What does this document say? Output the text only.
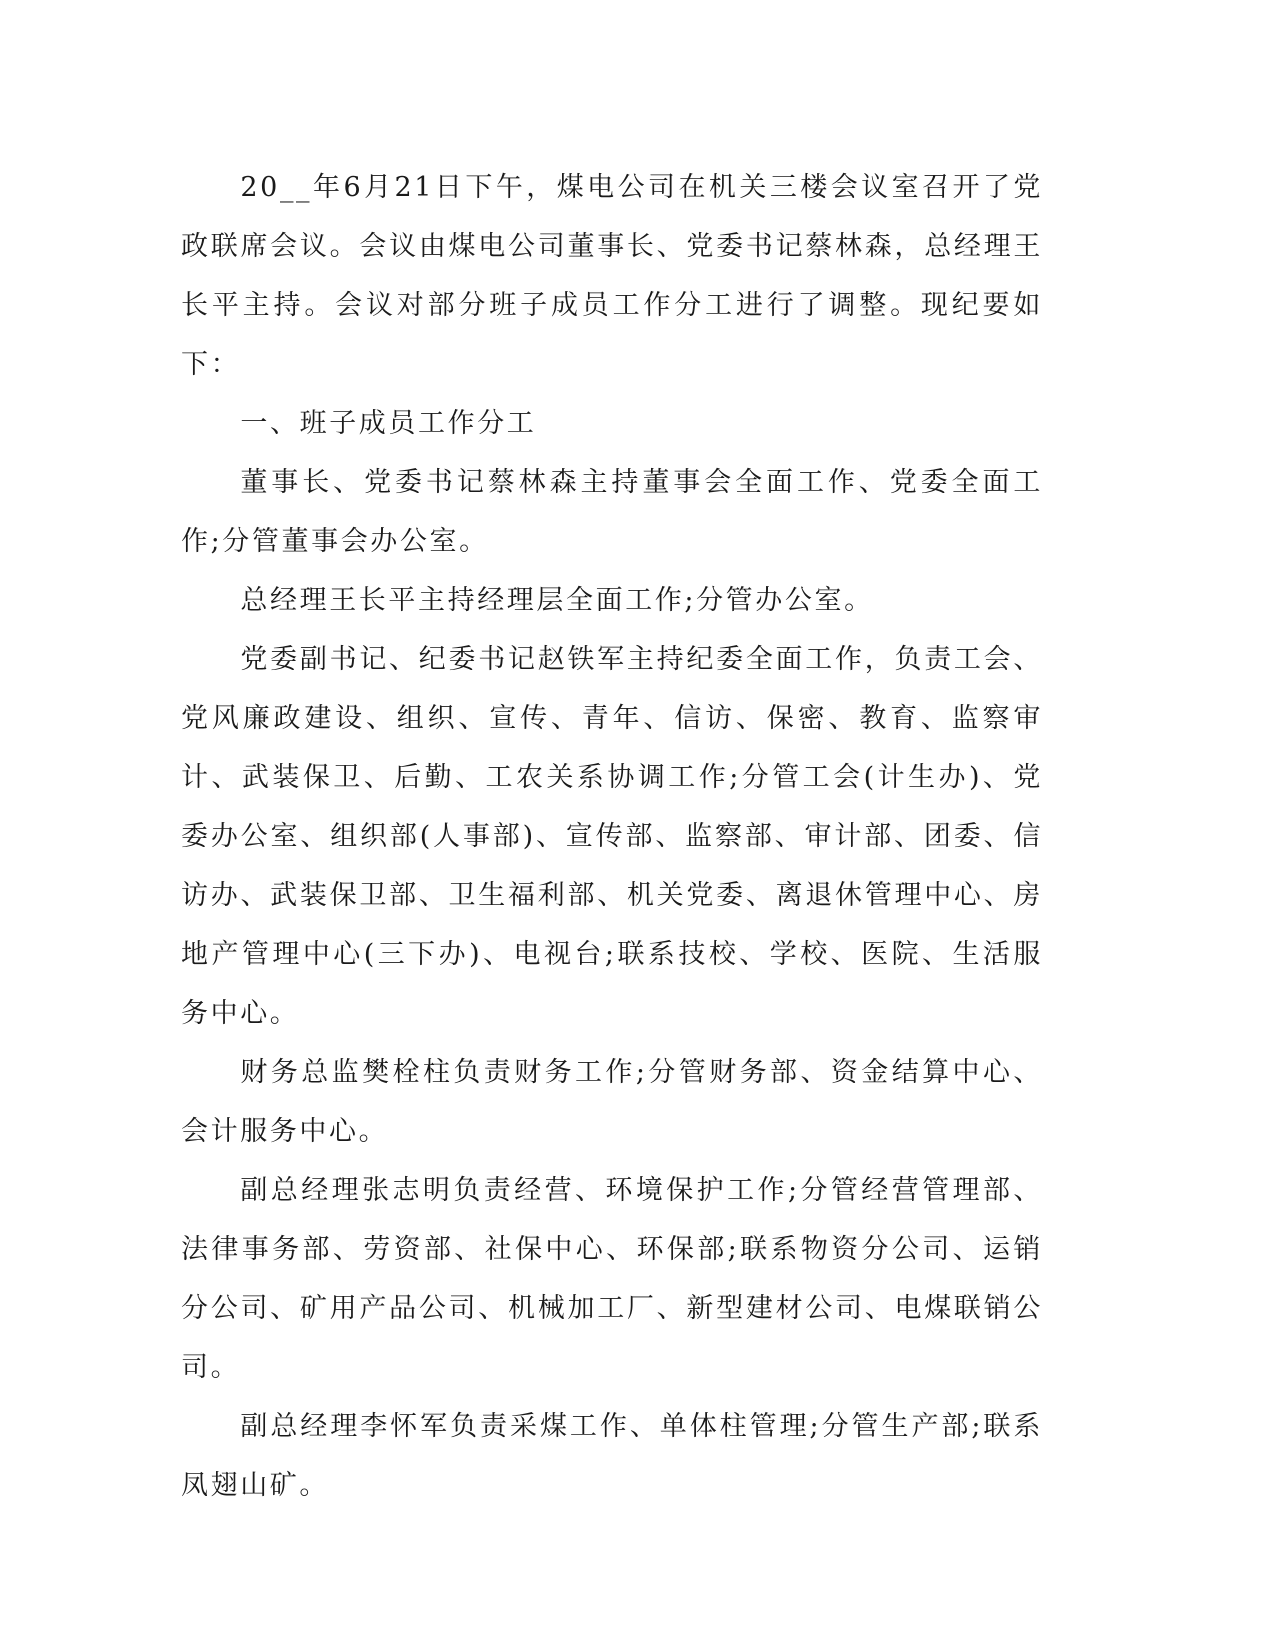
20__年6月21日下午，煤电公司在机关三楼会议室召开了党政联席会议。会议由煤电公司董事长、党委书记蔡林森，总经理王长平主持。会议对部分班子成员工作分工进行了调整。现纪要如下：

一、班子成员工作分工

董事长、党委书记蔡林森主持董事会全面工作、党委全面工作;分管董事会办公室。

总经理王长平主持经理层全面工作;分管办公室。

党委副书记、纪委书记赵铁军主持纪委全面工作，负责工会、党风廉政建设、组织、宣传、青年、信访、保密、教育、监察审计、武装保卫、后勤、工农关系协调工作;分管工会(计生办)、党委办公室、组织部(人事部)、宣传部、监察部、审计部、团委、信访办、武装保卫部、卫生福利部、机关党委、离退休管理中心、房地产管理中心(三下办)、电视台;联系技校、学校、医院、生活服务中心。

财务总监樊栓柱负责财务工作;分管财务部、资金结算中心、会计服务中心。

副总经理张志明负责经营、环境保护工作;分管经营管理部、法律事务部、劳资部、社保中心、环保部;联系物资分公司、运销分公司、矿用产品公司、机械加工厂、新型建材公司、电煤联销公司。

副总经理李怀军负责采煤工作、单体柱管理;分管生产部;联系凤翅山矿。
